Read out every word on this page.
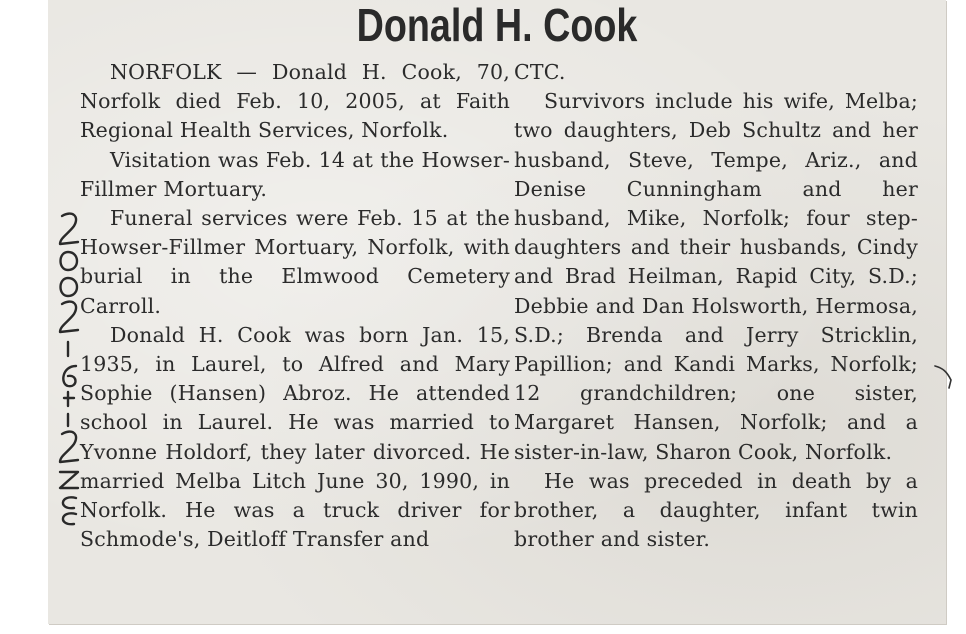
Donald H. Cook

NORFOLK — Donald H. Cook, 70, Norfolk died Feb. 10, 2005, at Faith Regional Health Services, Norfolk.

Visitation was Feb. 14 at the Howser-Fillmer Mortuary.

Funeral services were Feb. 15 at the Howser-Fillmer Mortuary, Norfolk, with burial in the Elmwood Cemetery Carroll.

Donald H. Cook was born Jan. 15, 1935, in Laurel, to Alfred and Mary Sophie (Hansen) Abroz. He attended school in Laurel. He was married to Yvonne Holdorf, they later divorced. He married Melba Litch June 30, 1990, in Norfolk. He was a truck driver for Schmode's, Deitloff Transfer and

CTC.

Survivors include his wife, Melba; two daughters, Deb Schultz and her husband, Steve, Tempe, Ariz., and Denise Cunningham and her husband, Mike, Norfolk; four step-daughters and their husbands, Cindy and Brad Heilman, Rapid City, S.D.; Debbie and Dan Holsworth, Hermosa, S.D.; Brenda and Jerry Stricklin, Papillion; and Kandi Marks, Norfolk; 12 grandchildren; one sister, Margaret Hansen, Norfolk; and a sister-in-law, Sharon Cook, Norfolk.

He was preceded in death by a brother, a daughter, infant twin brother and sister.
